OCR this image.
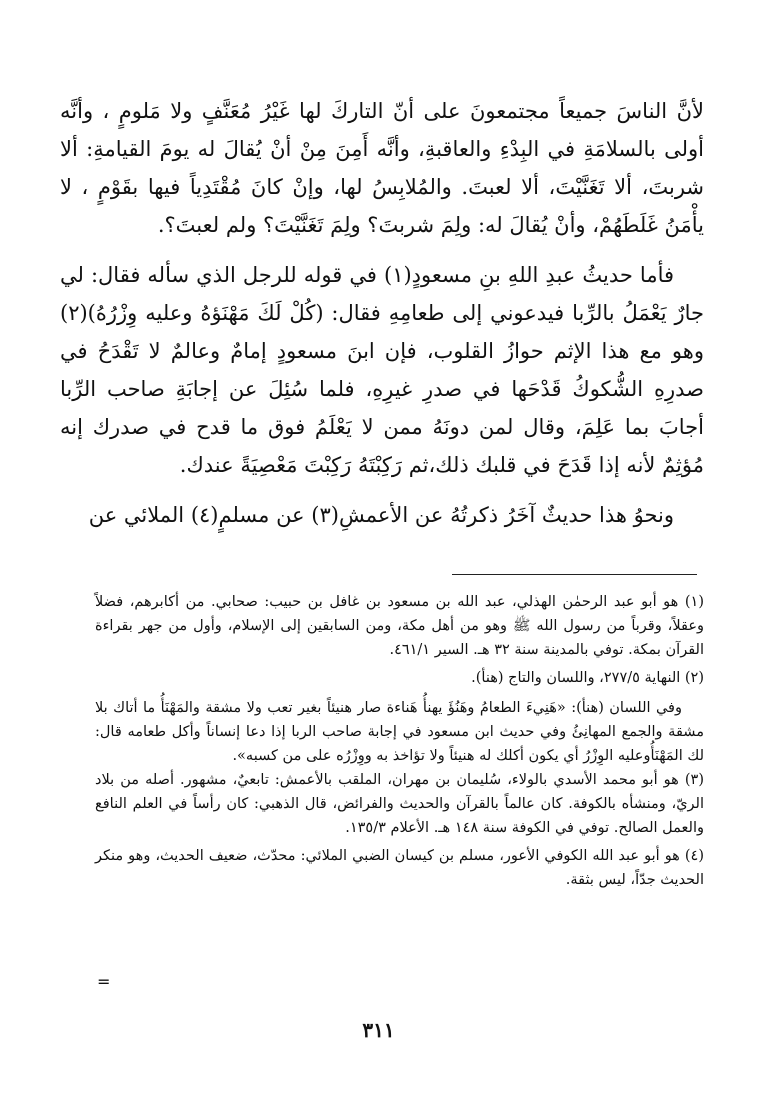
لأنَّ الناسَ جميعاً مجتمعونَ على أنّ التاركَ لها غَيْرُ مُعَنَّفٍ ولا مَلومٍ ، وأنَّه أولى بالسلامَةِ في البِدْءِ والعاقبةِ، وأنَّه أَمِنَ مِنْ أنْ يُقالَ له يومَ القيامةِ: ألا شربتَ، ألا تَغَنَّيْتَ، ألا لعبتَ. والمُلابِسُ لها، وإنْ كانَ مُقْتَدِياً فيها بقَوْمٍ ، لا يأْمَنُ غَلَطَهُمْ، وأنْ يُقالَ له: ولِمَ شربتَ؟ ولِمَ تَغَنَّيْتَ؟ ولم لعبتَ؟.

فأما حديثُ عبدِ اللهِ بنِ مسعودٍ(١) في قوله للرجل الذي سأله فقال: لي جارٌ يَعْمَلُ بالرِّبا فيدعوني إلى طعامِهِ فقال: (كُلْ لَكَ مَهْنَؤهُ وعليه وِزْرُهُ)(٢) وهو مع هذا الإثم حوازُ القلوب، فإن ابنَ مسعودٍ إمامٌ وعالمٌ لا تَقْدَحُ في صدرِهِ الشُّكوكُ قَدْحَها في صدرِ غيرِهِ، فلما سُئِلَ عن إجابَةِ صاحب الرِّبا أجابَ بما عَلِمَ، وقال لمن دونَهُ ممن لا يَعْلَمُ فوق ما قدح في صدرك إنه مُؤثِمٌ لأنه إذا قَدَحَ في قلبك ذلك،ثم رَكِبْتَهُ رَكِبْتَ مَعْصِيَةً عندك.

ونحوُ هذا حديثٌ آخَرُ ذكرتُهُ عن الأعمشِ(٣) عن مسلمٍ(٤) الملائي عن

(١) هو أبو عبد الرحمٰن الهذلي، عبد الله بن مسعود بن غافل بن حبيب: صحابي. من أكابرهم، فضلاً وعقلاً، وقرباً من رسول الله ﷺ وهو من أهل مكة، ومن السابقين إلى الإسلام، وأول من جهر بقراءة القرآن بمكة. توفي بالمدينة سنة ٣٢ هـ. السير ٤٦١/١.

(٢) النهاية ٢٧٧/٥، واللسان والتاج (هنأ).

وفي اللسان (هنأ): «هَنِيءَ الطعامُ وهَنُؤَ يهنأُ هَناءة صار هنيئاً بغير تعب ولا مشقة والمَهْنَأُ ما أتاك بلا مشقة والجمع المهانِئُ وفي حديث ابن مسعود في إجابة صاحب الربا إذا دعا إنساناً وأكل طعامه قال: لك المَهْنَأُوعليه الوِزْرُ أي يكون أكلك له هنيئاً ولا تؤاخذ به ووِزْرُه على من كسبه».

(٣) هو أبو محمد الأسدي بالولاء، سُليمان بن مهران، الملقب بالأعمش: تابعيٌ، مشهور. أصله من بلاد الريّ، ومنشأه بالكوفة. كان عالماً بالقرآن والحديث والفرائض، قال الذهبي: كان رأساً في العلم النافع والعمل الصالح. توفي في الكوفة سنة ١٤٨ هـ. الأعلام ١٣٥/٣.

(٤) هو أبو عبد الله الكوفي الأعور، مسلم بن كيسان الضبي الملائي: محدّث، ضعيف الحديث، وهو منكر الحديث جدّاً، ليس بثقة.

=
٣١١
